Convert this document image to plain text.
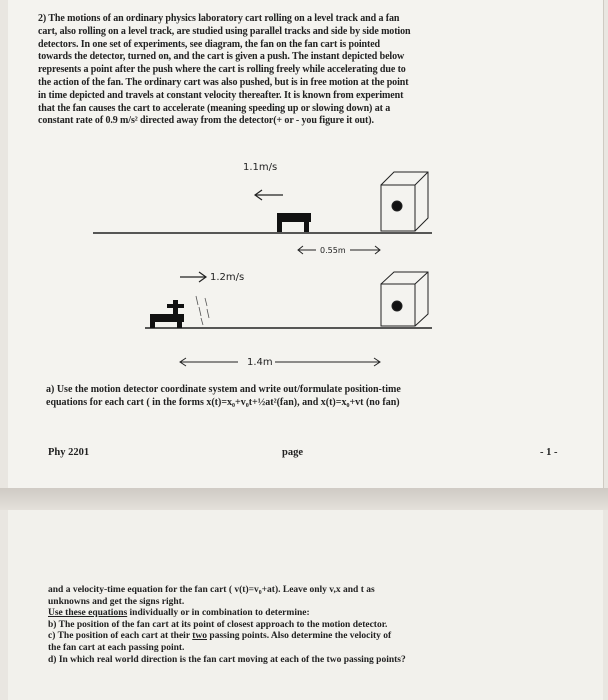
2) The motions of an ordinary physics laboratory cart rolling on a level track and a fan
cart, also rolling on a level track, are studied using parallel tracks and side by side motion
detectors. In one set of experiments, see diagram, the fan on the fan cart is pointed
towards the detector, turned on, and the cart is given a push. The instant depicted below
represents a point after the push where the cart is rolling freely while accelerating due to
the action of the fan. The ordinary cart was also pushed, but is in free motion at the point
in time depicted and travels at constant velocity thereafter. It is known from experiment
that the fan causes the cart to accelerate (meaning speeding up or slowing down) at a
constant rate of 0.9 m/s² directed away from the detector(+ or - you figure it out).
1.1m/s
0.55m
1.2m/s
1.4m
a) Use the motion detector coordinate system and write out/formulate position-time
equations for each cart ( in the forms x(t)=x₀+v₀t+½at²(fan), and x(t)=x₀+vt (no fan)
Phy 2201	page	- 1 -
and a velocity-time equation for the fan cart ( v(t)=v₀+at). Leave only v,x and t as
unknowns and get the signs right.
Use these equations individually or in combination to determine:
b) The position of the fan cart at its point of closest approach to the motion detector.
c) The position of each cart at their two passing points. Also determine the velocity of
the fan cart at each passing point.
d) In which real world direction is the fan cart moving at each of the two passing points?
